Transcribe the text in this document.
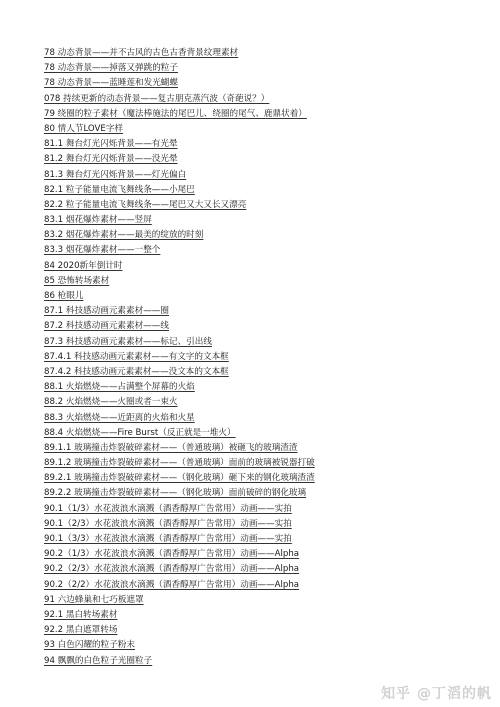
78 动态背景——并不古风的古色古香背景纹理素材
78 动态背景——掉落又弹跳的粒子
78 动态背景——蓝睡莲和发光蝴蝶
078 持续更新的动态背景——复古朋克蒸汽波（奇葩说？）
79 绕圈的粒子素材（魔法棒施法的尾巴儿、绕圈的尾气、鹿鼎状着）
80 情人节LOVE字样
81.1 舞台灯光闪烁背景——有光晕
81.2 舞台灯光闪烁背景——没光晕
81.3 舞台灯光闪烁背景——灯光偏白
82.1 粒子能量电流飞舞线条——小尾巴
82.2 粒子能量电流飞舞线条——尾巴又大又长又漂亮
83.1 烟花爆炸素材——竖屏
83.2 烟花爆炸素材——最美的绽放的时刻
83.3 烟花爆炸素材——一整个
84 2020新年倒计时
85 恐怖转场素材
86 枪眼儿
87.1 科技感动画元素素材——圈
87.2 科技感动画元素素材——线
87.3 科技感动画元素素材——标记、引出线
87.4.1 科技感动画元素素材——有文字的文本框
87.4.2 科技感动画元素素材——没文本的文本框
88.1 火焰燃烧——占满整个屏幕的火焰
88.2 火焰燃烧——火圈或者一束火
88.3 火焰燃烧——近距离的火焰和火星
88.4 火焰燃烧——Fire Burst（反正就是一堆火）
89.1.1 玻璃撞击炸裂破碎素材——（普通玻璃）被砸飞的玻璃渣渣
89.1.2 玻璃撞击炸裂破碎素材——（普通玻璃）面前的玻璃被锐器打破
89.2.1 玻璃撞击炸裂破碎素材——（钢化玻璃）砸下来的钢化玻璃渣渣
89.2.2 玻璃撞击炸裂破碎素材——（钢化玻璃）面前破碎的钢化玻璃
90.1（1/3）水花波浪水滴溅（酒香醇厚广告常用）动画——实拍
90.1（2/3）水花波浪水滴溅（酒香醇厚广告常用）动画——实拍
90.1（3/3）水花波浪水滴溅（酒香醇厚广告常用）动画——实拍
90.2（1/3）水花波浪水滴溅（酒香醇厚广告常用）动画——Alpha
90.2（2/3）水花波浪水滴溅（酒香醇厚广告常用）动画——Alpha
90.2（2/2）水花波浪水滴溅（酒香醇厚广告常用）动画——Alpha
91 六边蜂巢和七巧板遮罩
92.1 黑白转场素材
92.2 黑白遮罩转场
93 白色闪耀的粒子粉末
94 飘飘的白色粒子光圈粒子
知乎 @丁滔的帆
